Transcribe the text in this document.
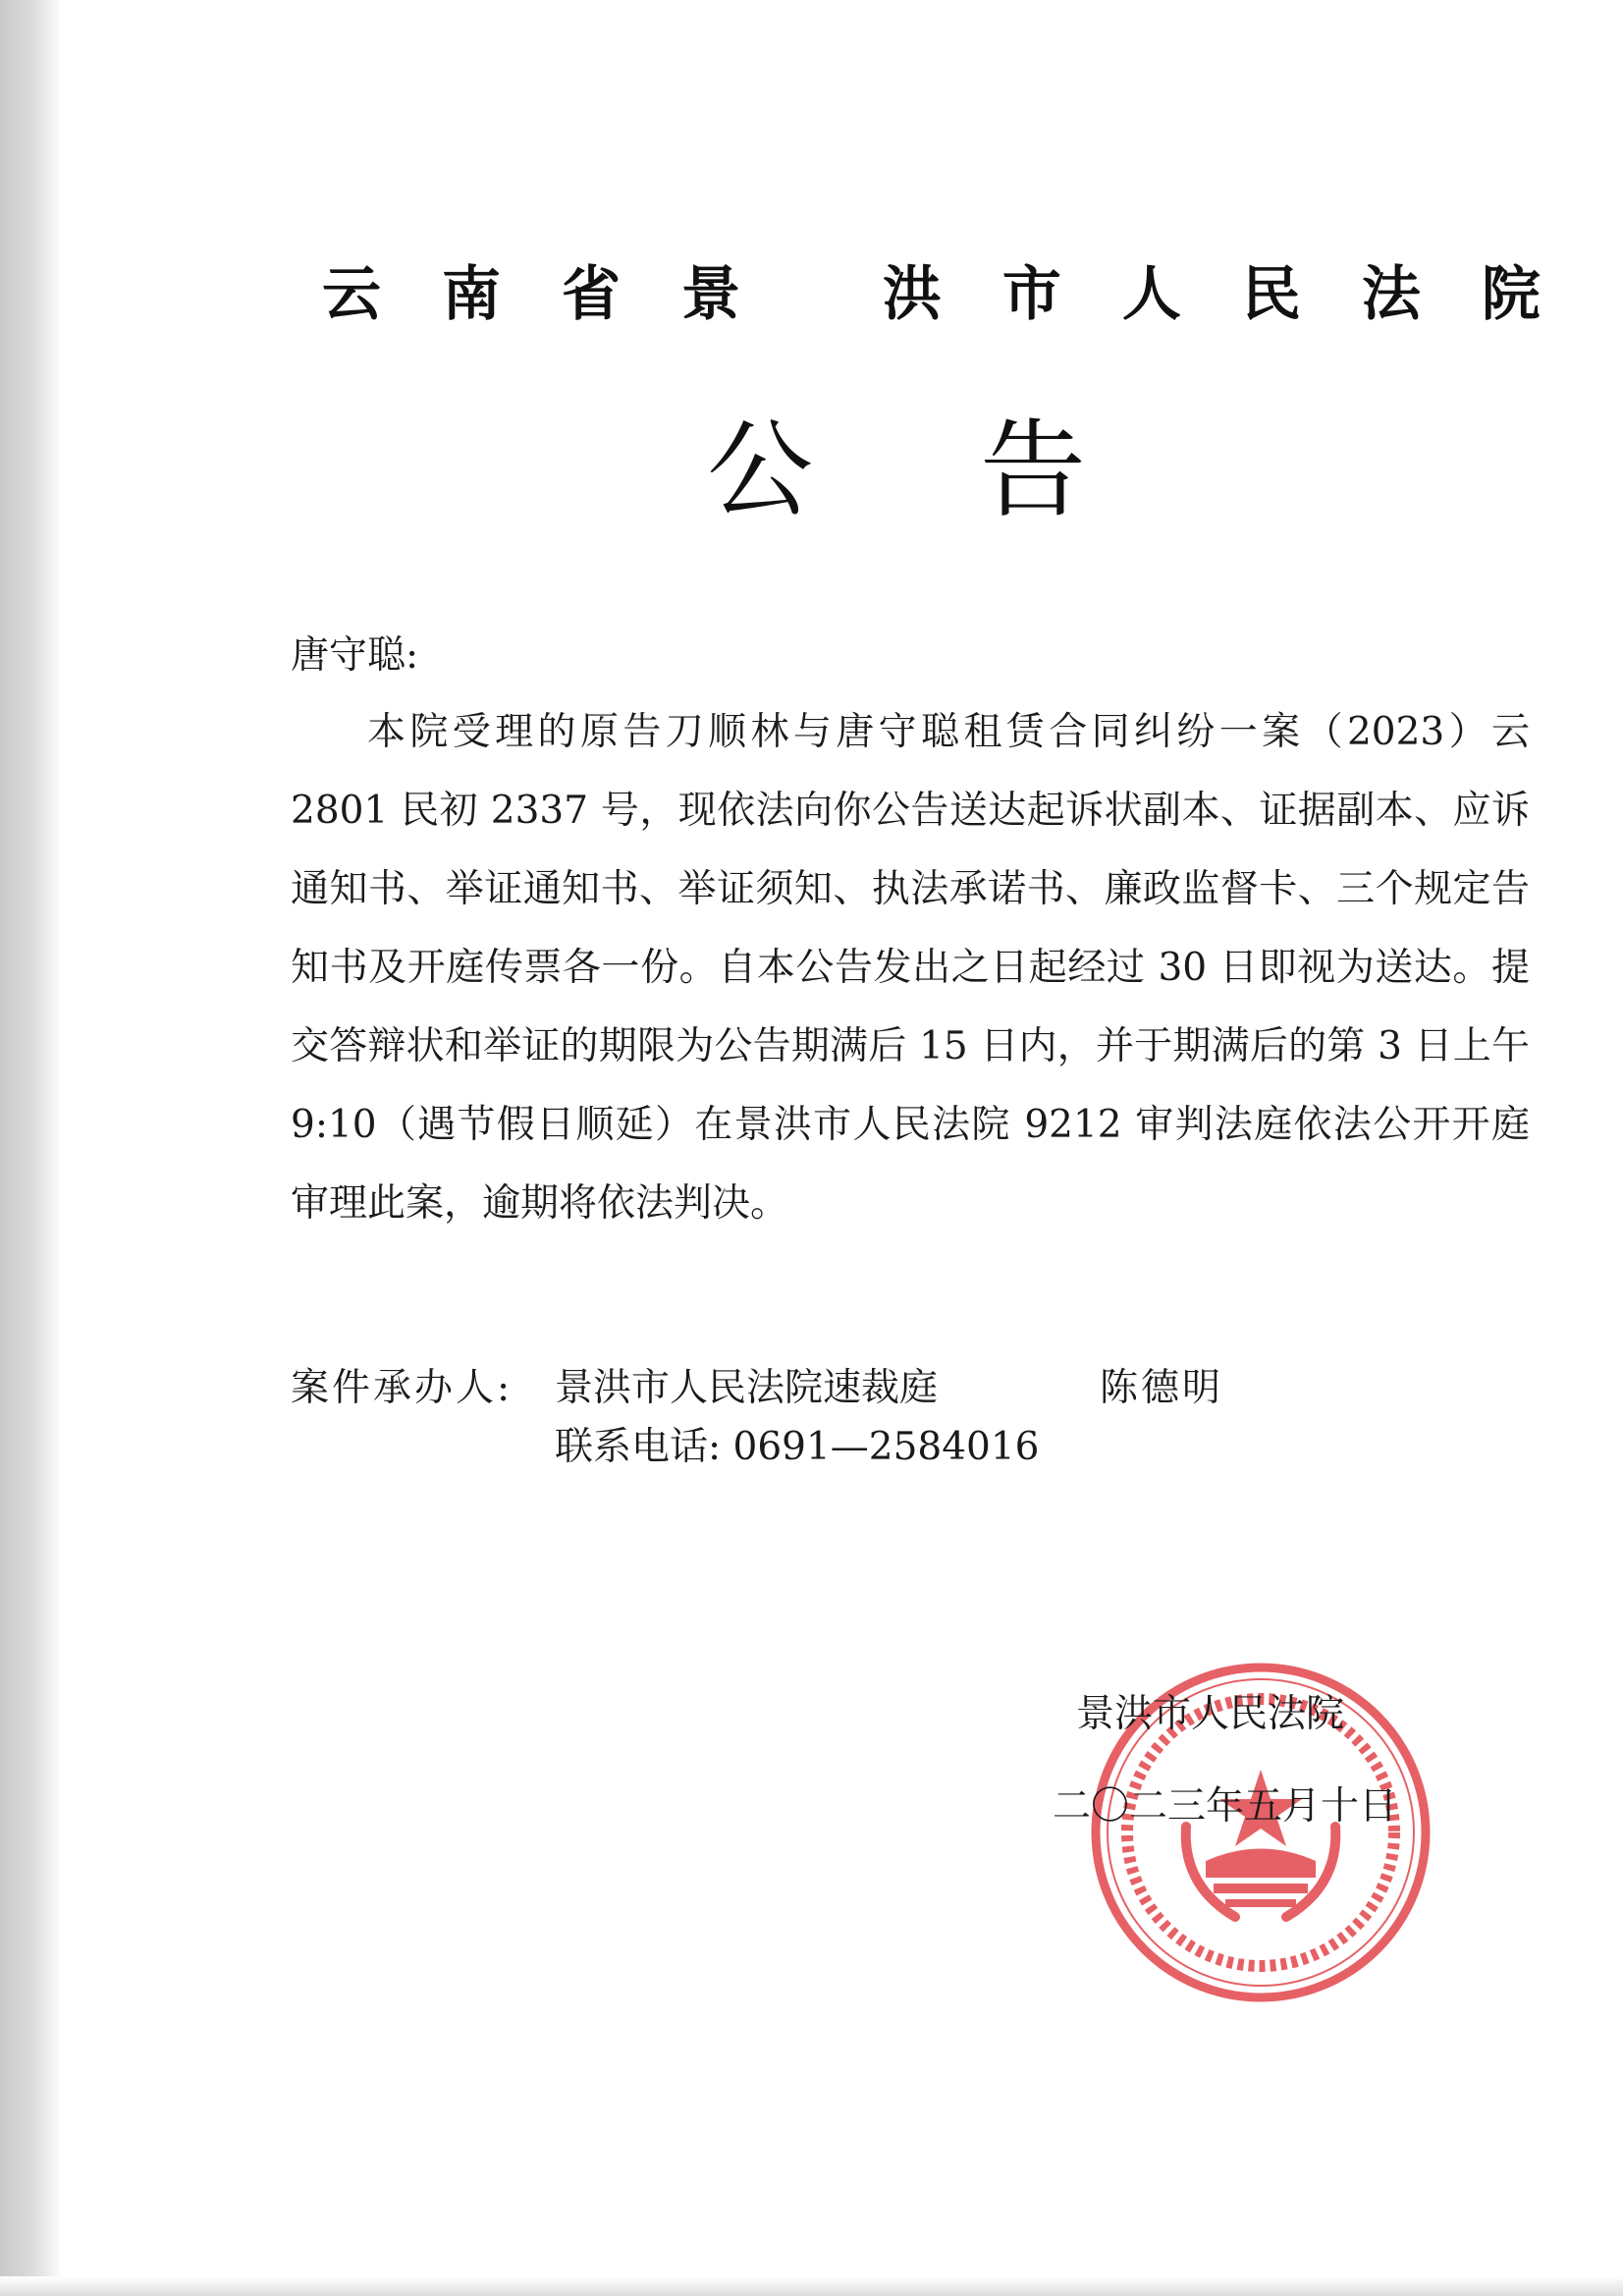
云南省景 洪市人民法院
公告
唐守聪:

本院受理的原告刀顺林与唐守聪租赁合同纠纷一案（2023）云 2801 民初 2337 号，现依法向你公告送达起诉状副本、证据副本、应诉通知书、举证通知书、举证须知、执法承诺书、廉政监督卡、三个规定告知书及开庭传票各一份。自本公告发出之日起经过 30 日即视为送达。提交答辩状和举证的期限为公告期满后 15 日内，并于期满后的第 3 日上午 9:10（遇节假日顺延）在景洪市人民法院 9212 审判法庭依法公开开庭审理此案，逾期将依法判决。

案件承办人: 景洪市人民法院速裁庭	陈德明
联系电话: 0691—2584016
景洪市人民法院
二〇二三年五月十日
